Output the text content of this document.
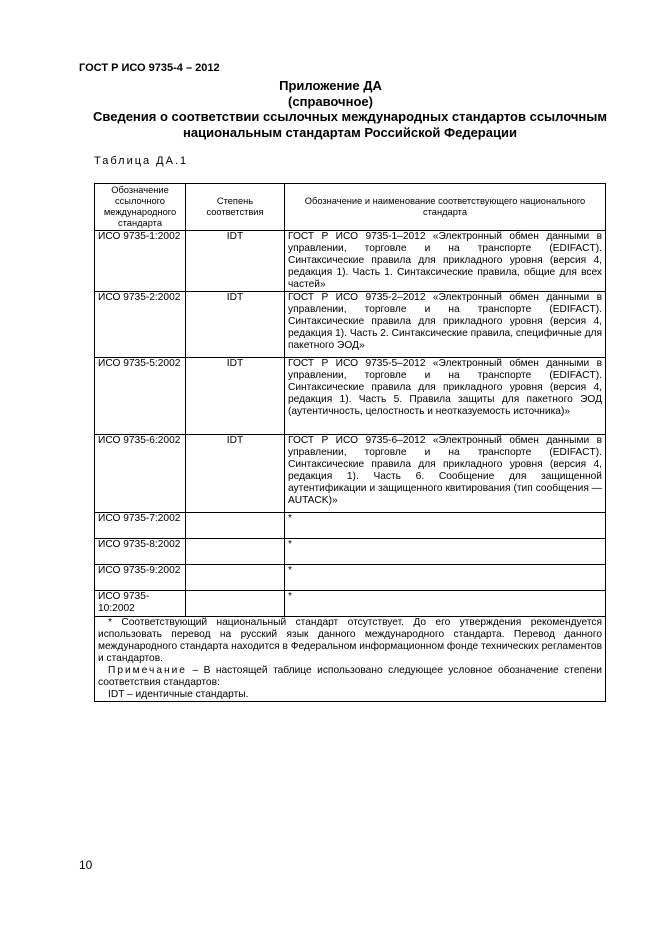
ГОСТ Р ИСО 9735-4 – 2012
Приложение ДА
(справочное)
Сведения о соответствии ссылочных международных стандартов ссылочным национальным стандартам Российской Федерации
Таблица ДА.1
Обозначение ссылочного международного стандарта	Степень соответствия	Обозначение и наименование соответствующего национального стандарта
ИСО 9735-1:2002	IDT	ГОСТ Р ИСО 9735-1–2012 «Электронный обмен данными в управлении, торговле и на транспорте (EDIFACT). Синтаксические правила для прикладного уровня (версия 4, редакция 1). Часть 1. Синтаксические правила, общие для всех частей»
ИСО 9735-2:2002	IDT	ГОСТ Р ИСО 9735-2–2012 «Электронный обмен данными в управлении, торговле и на транспорте (EDIFACT). Синтаксические правила для прикладного уровня (версия 4, редакция 1). Часть 2. Синтаксические правила, специфичные для пакетного ЭОД»
ИСО 9735-5:2002	IDT	ГОСТ Р ИСО 9735-5–2012 «Электронный обмен данными в управлении, торговле и на транспорте (EDIFACT). Синтаксические правила для прикладного уровня (версия 4, редакция 1). Часть 5. Правила защиты для пакетного ЭОД (аутентичность, целостность и неотказуемость источника)»
ИСО 9735-6:2002	IDT	ГОСТ Р ИСО 9735-6–2012 «Электронный обмен данными в управлении, торговле и на транспорте (EDIFACT). Синтаксические правила для прикладного уровня (версия 4, редакция 1). Часть 6. Сообщение для защищенной аутентификации и защищенного квитирования (тип сообщения — AUTACK)»
ИСО 9735-7:2002		*
ИСО 9735-8:2002		*
ИСО 9735-9:2002		*
ИСО 9735-10:2002		*

* Соответствующий национальный стандарт отсутствует. До его утверждения рекомендуется использовать перевод на русский язык данного международного стандарта. Перевод данного международного стандарта находится в Федеральном информационном фонде технических регламентов и стандартов.

Примечание – В настоящей таблице использовано следующее условное обозначение степени соответствия стандартов:

IDT – идентичные стандарты.		

10
